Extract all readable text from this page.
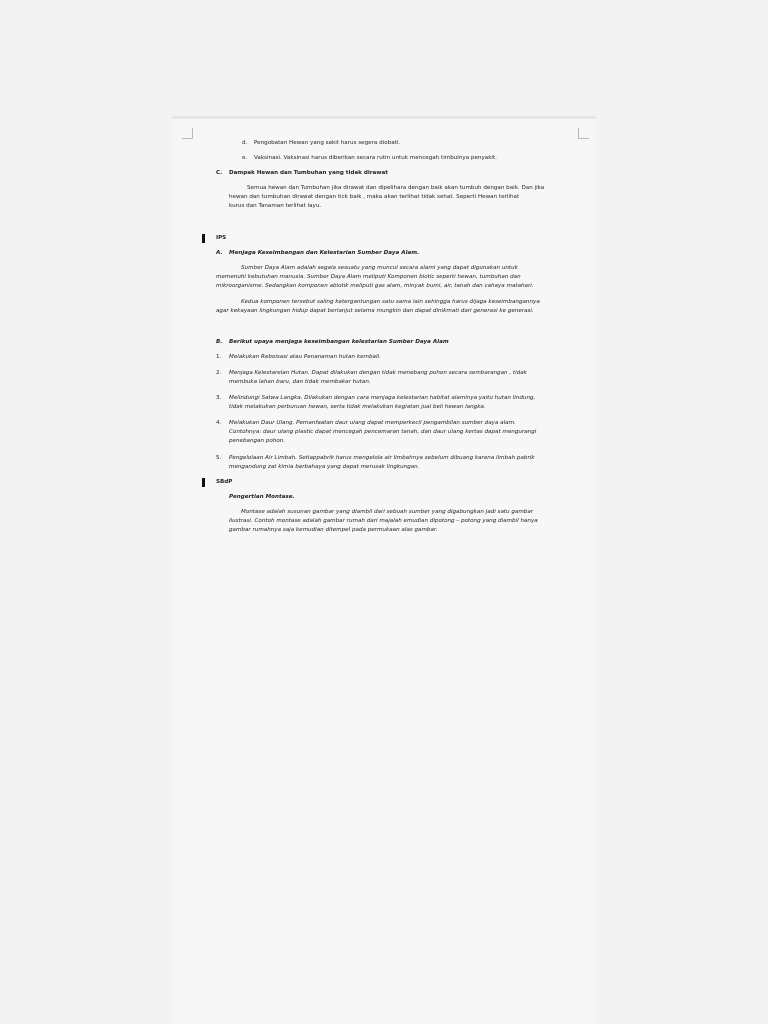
d. Pengobatan Hewan yang sakit harus segera diobati.
e. Vaksinasi. Vaksinasi harus diberikan secara rutin untuk mencegah timbulnya penyakit.
C. Dampak Hewan dan Tumbuhan yang tidak dirawat
Semua hewan dan Tumbuhan jika dirawat dan dipelihara dengan baik akan tumbuh dengan baik. Dan jika
hewan dan tumbuhan dirawat dengan tick baik , maka akan terlihat tidak sehat. Seperti Hewan terlihat
kurus dan Tanaman terlihat layu.
IPS
A. Menjaga Keseimbangan dan Kelestarian Sumber Daya Alam.
Sumber Daya Alam adalah segala sesuatu yang muncul secara alami yang dapat digunakan untuk
memenuhi kebutuhan manusia. Sumber Daya Alam meliputi Komponen biotic seperti hewan, tumbuhan dan
mikroorganisme. Sedangkan komponen abiotik meliputi gas alam, minyak bumi, air, tanah dan cahaya matahari.
Kedua komponen tersebut saling ketergantungan satu sama lain sehingga harus dijaga keseimbangannya
agar kekayaan lingkungan hidup dapat berlanjut selama mungkin dan dapat dinikmati dari generasi ke generasi.
B. Berikut upaya menjaga keseimbangan kelestarian Sumber Daya Alam
1. Melakukan Reboisasi atau Penanaman hutan kembali.
2. Menjaga Kelestarelan Hutan. Dapat dilakukan dengan tidak menebang pohon secara sembarangan , tidak
membuka lahan baru, dan tidak membakar hutan.
3. Melindungi Satwa Langka. Dilakukan dengan cara menjaga kelestarian habitat alaminya yaitu hutan lindung,
tidak melakukan perburuan hewan, serta tidak melakukan kegiatan jual beli hewan langka.
4. Melakukan Daur Ulang. Pemanfaatan daur ulang dapat memperkecil pengambilan sumber daya alam.
Contohnya: daur ulang plastic dapat mencegah pencemaran tanah, dan daur ulang kertas dapat mengurangi
penebangan pohon.
5. Pengelolaan Air Limbah. Setiappabrik harus mengelola air limbahnya sebelum dibuang karena limbah pabrik
mengandung zat kimia berbahaya yang dapat merusak lingkungan.
SBdP
Pengertian Montase.
Montase adalah susunan gambar yang diambil dari sebuah sumber yang digabungkan jadi satu gambar
ilustrasi. Contoh montase adalah gambar rumah dari majalah emudian dipotong – potong yang diambil hanya
gambar rumahnya saja kemudian ditempel pada permukaan alas gambar.
